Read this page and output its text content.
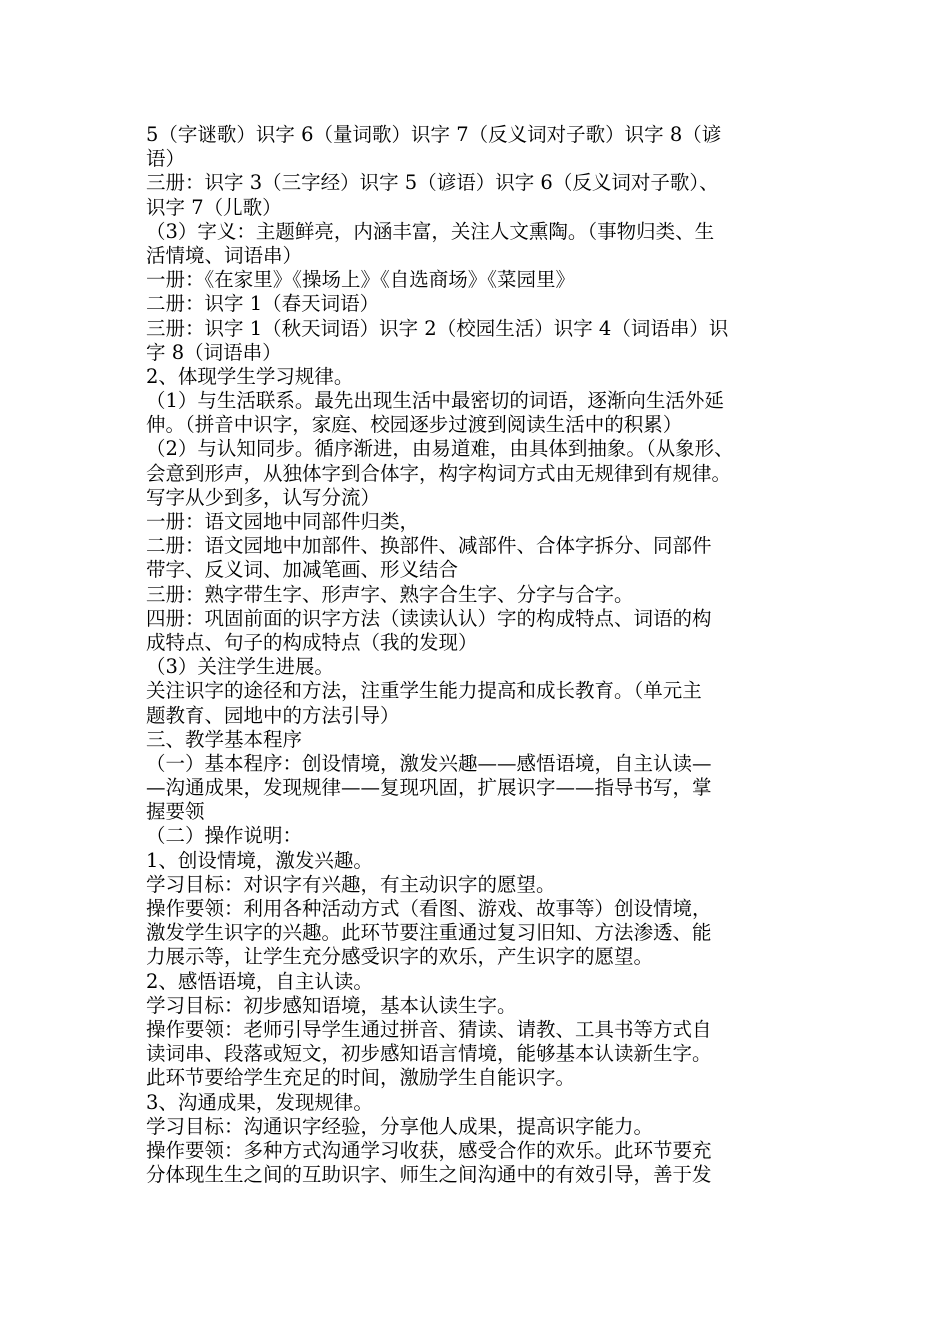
5（字谜歌）识字 6（量词歌）识字 7（反义词对子歌）识字 8（谚
语）
三册：识字 3（三字经）识字 5（谚语）识字 6（反义词对子歌）、
识字 7（儿歌）
（3）字义：主题鲜亮，内涵丰富，关注人文熏陶。（事物归类、生
活情境、词语串）
一册：《在家里》《操场上》《自选商场》《菜园里》
二册：识字 1（春天词语）
三册：识字 1（秋天词语）识字 2（校园生活）识字 4（词语串）识
字 8（词语串）
2、体现学生学习规律。
（1）与生活联系。最先出现生活中最密切的词语，逐渐向生活外延
伸。（拼音中识字，家庭、校园逐步过渡到阅读生活中的积累）
（2）与认知同步。循序渐进，由易道难，由具体到抽象。（从象形、
会意到形声，从独体字到合体字，构字构词方式由无规律到有规律。
写字从少到多，认写分流）
一册：语文园地中同部件归类，
二册：语文园地中加部件、换部件、减部件、合体字拆分、同部件
带字、反义词、加减笔画、形义结合
三册：熟字带生字、形声字、熟字合生字、分字与合字。
四册：巩固前面的识字方法（读读认认）字的构成特点、词语的构
成特点、句子的构成特点（我的发现）
（3）关注学生进展。
关注识字的途径和方法，注重学生能力提高和成长教育。（单元主
题教育、园地中的方法引导）
三、教学基本程序
（一）基本程序：创设情境，激发兴趣——感悟语境，自主认读—
—沟通成果，发现规律——复现巩固，扩展识字——指导书写，掌
握要领
（二）操作说明：
1、创设情境，激发兴趣。
学习目标：对识字有兴趣，有主动识字的愿望。
操作要领：利用各种活动方式（看图、游戏、故事等）创设情境，
激发学生识字的兴趣。此环节要注重通过复习旧知、方法渗透、能
力展示等，让学生充分感受识字的欢乐，产生识字的愿望。
2、感悟语境，自主认读。
学习目标：初步感知语境，基本认读生字。
操作要领：老师引导学生通过拼音、猜读、请教、工具书等方式自
读词串、段落或短文，初步感知语言情境，能够基本认读新生字。
此环节要给学生充足的时间，激励学生自能识字。
3、沟通成果，发现规律。
学习目标：沟通识字经验，分享他人成果，提高识字能力。
操作要领：多种方式沟通学习收获，感受合作的欢乐。此环节要充
分体现生生之间的互助识字、师生之间沟通中的有效引导，善于发
